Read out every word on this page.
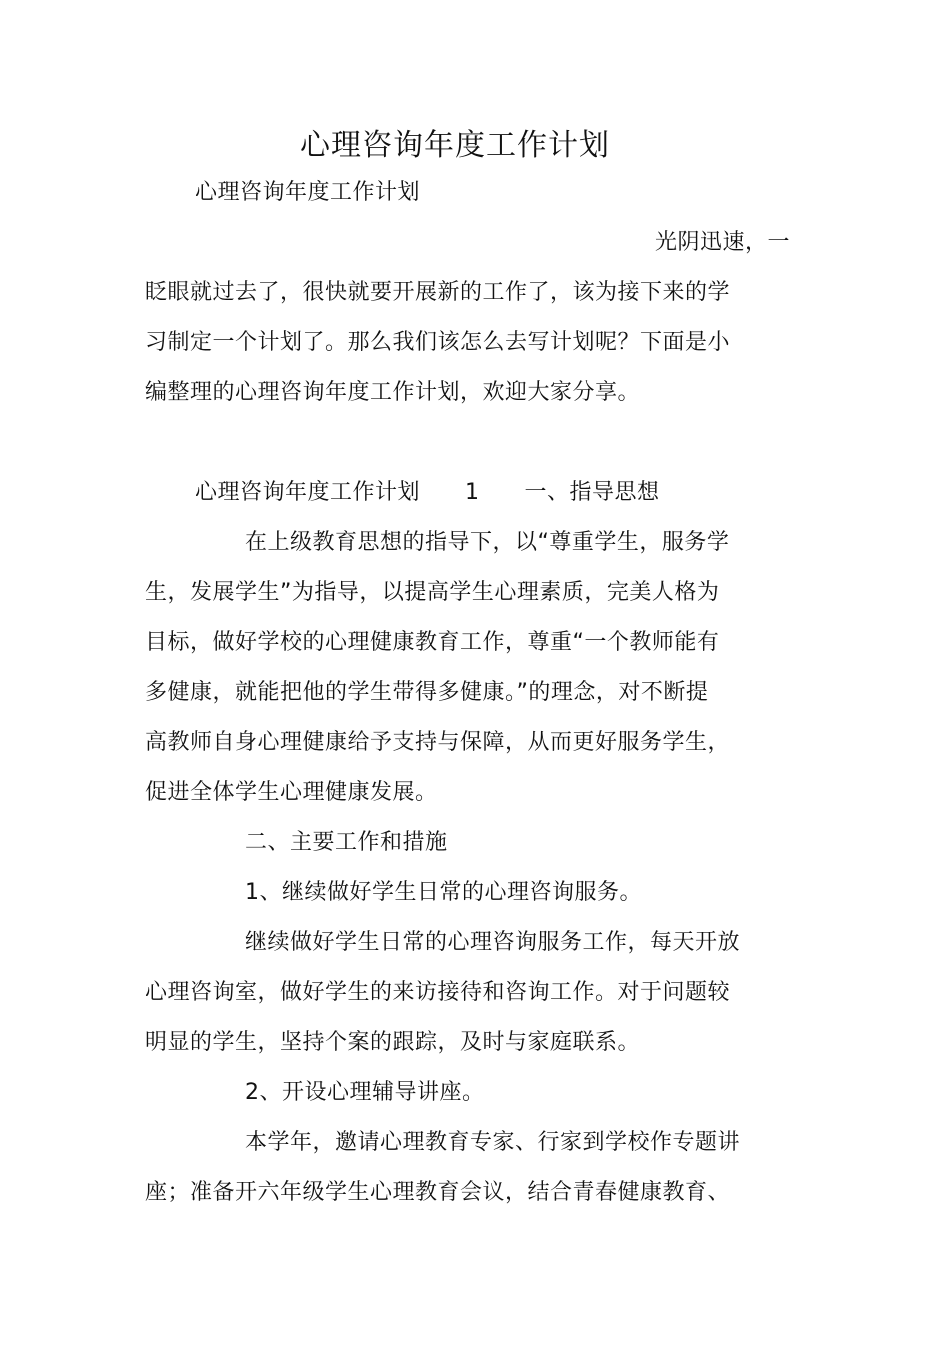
心理咨询年度工作计划
心理咨询年度工作计划
光阴迅速，一
眨眼就过去了，很快就要开展新的工作了，该为接下来的学
习制定一个计划了。那么我们该怎么去写计划呢？下面是小
编整理的心理咨询年度工作计划，欢迎大家分享。
心理咨询年度工作计划　　1　　一、指导思想
在上级教育思想的指导下，以“尊重学生，服务学
生，发展学生”为指导，以提高学生心理素质，完美人格为
目标，做好学校的心理健康教育工作，尊重“一个教师能有
多健康，就能把他的学生带得多健康。”的理念，对不断提
高教师自身心理健康给予支持与保障，从而更好服务学生，
促进全体学生心理健康发展。
二、主要工作和措施
1、继续做好学生日常的心理咨询服务。
继续做好学生日常的心理咨询服务工作，每天开放
心理咨询室，做好学生的来访接待和咨询工作。对于问题较
明显的学生，坚持个案的跟踪，及时与家庭联系。
2、开设心理辅导讲座。
本学年，邀请心理教育专家、行家到学校作专题讲
座；准备开六年级学生心理教育会议，结合青春健康教育、
